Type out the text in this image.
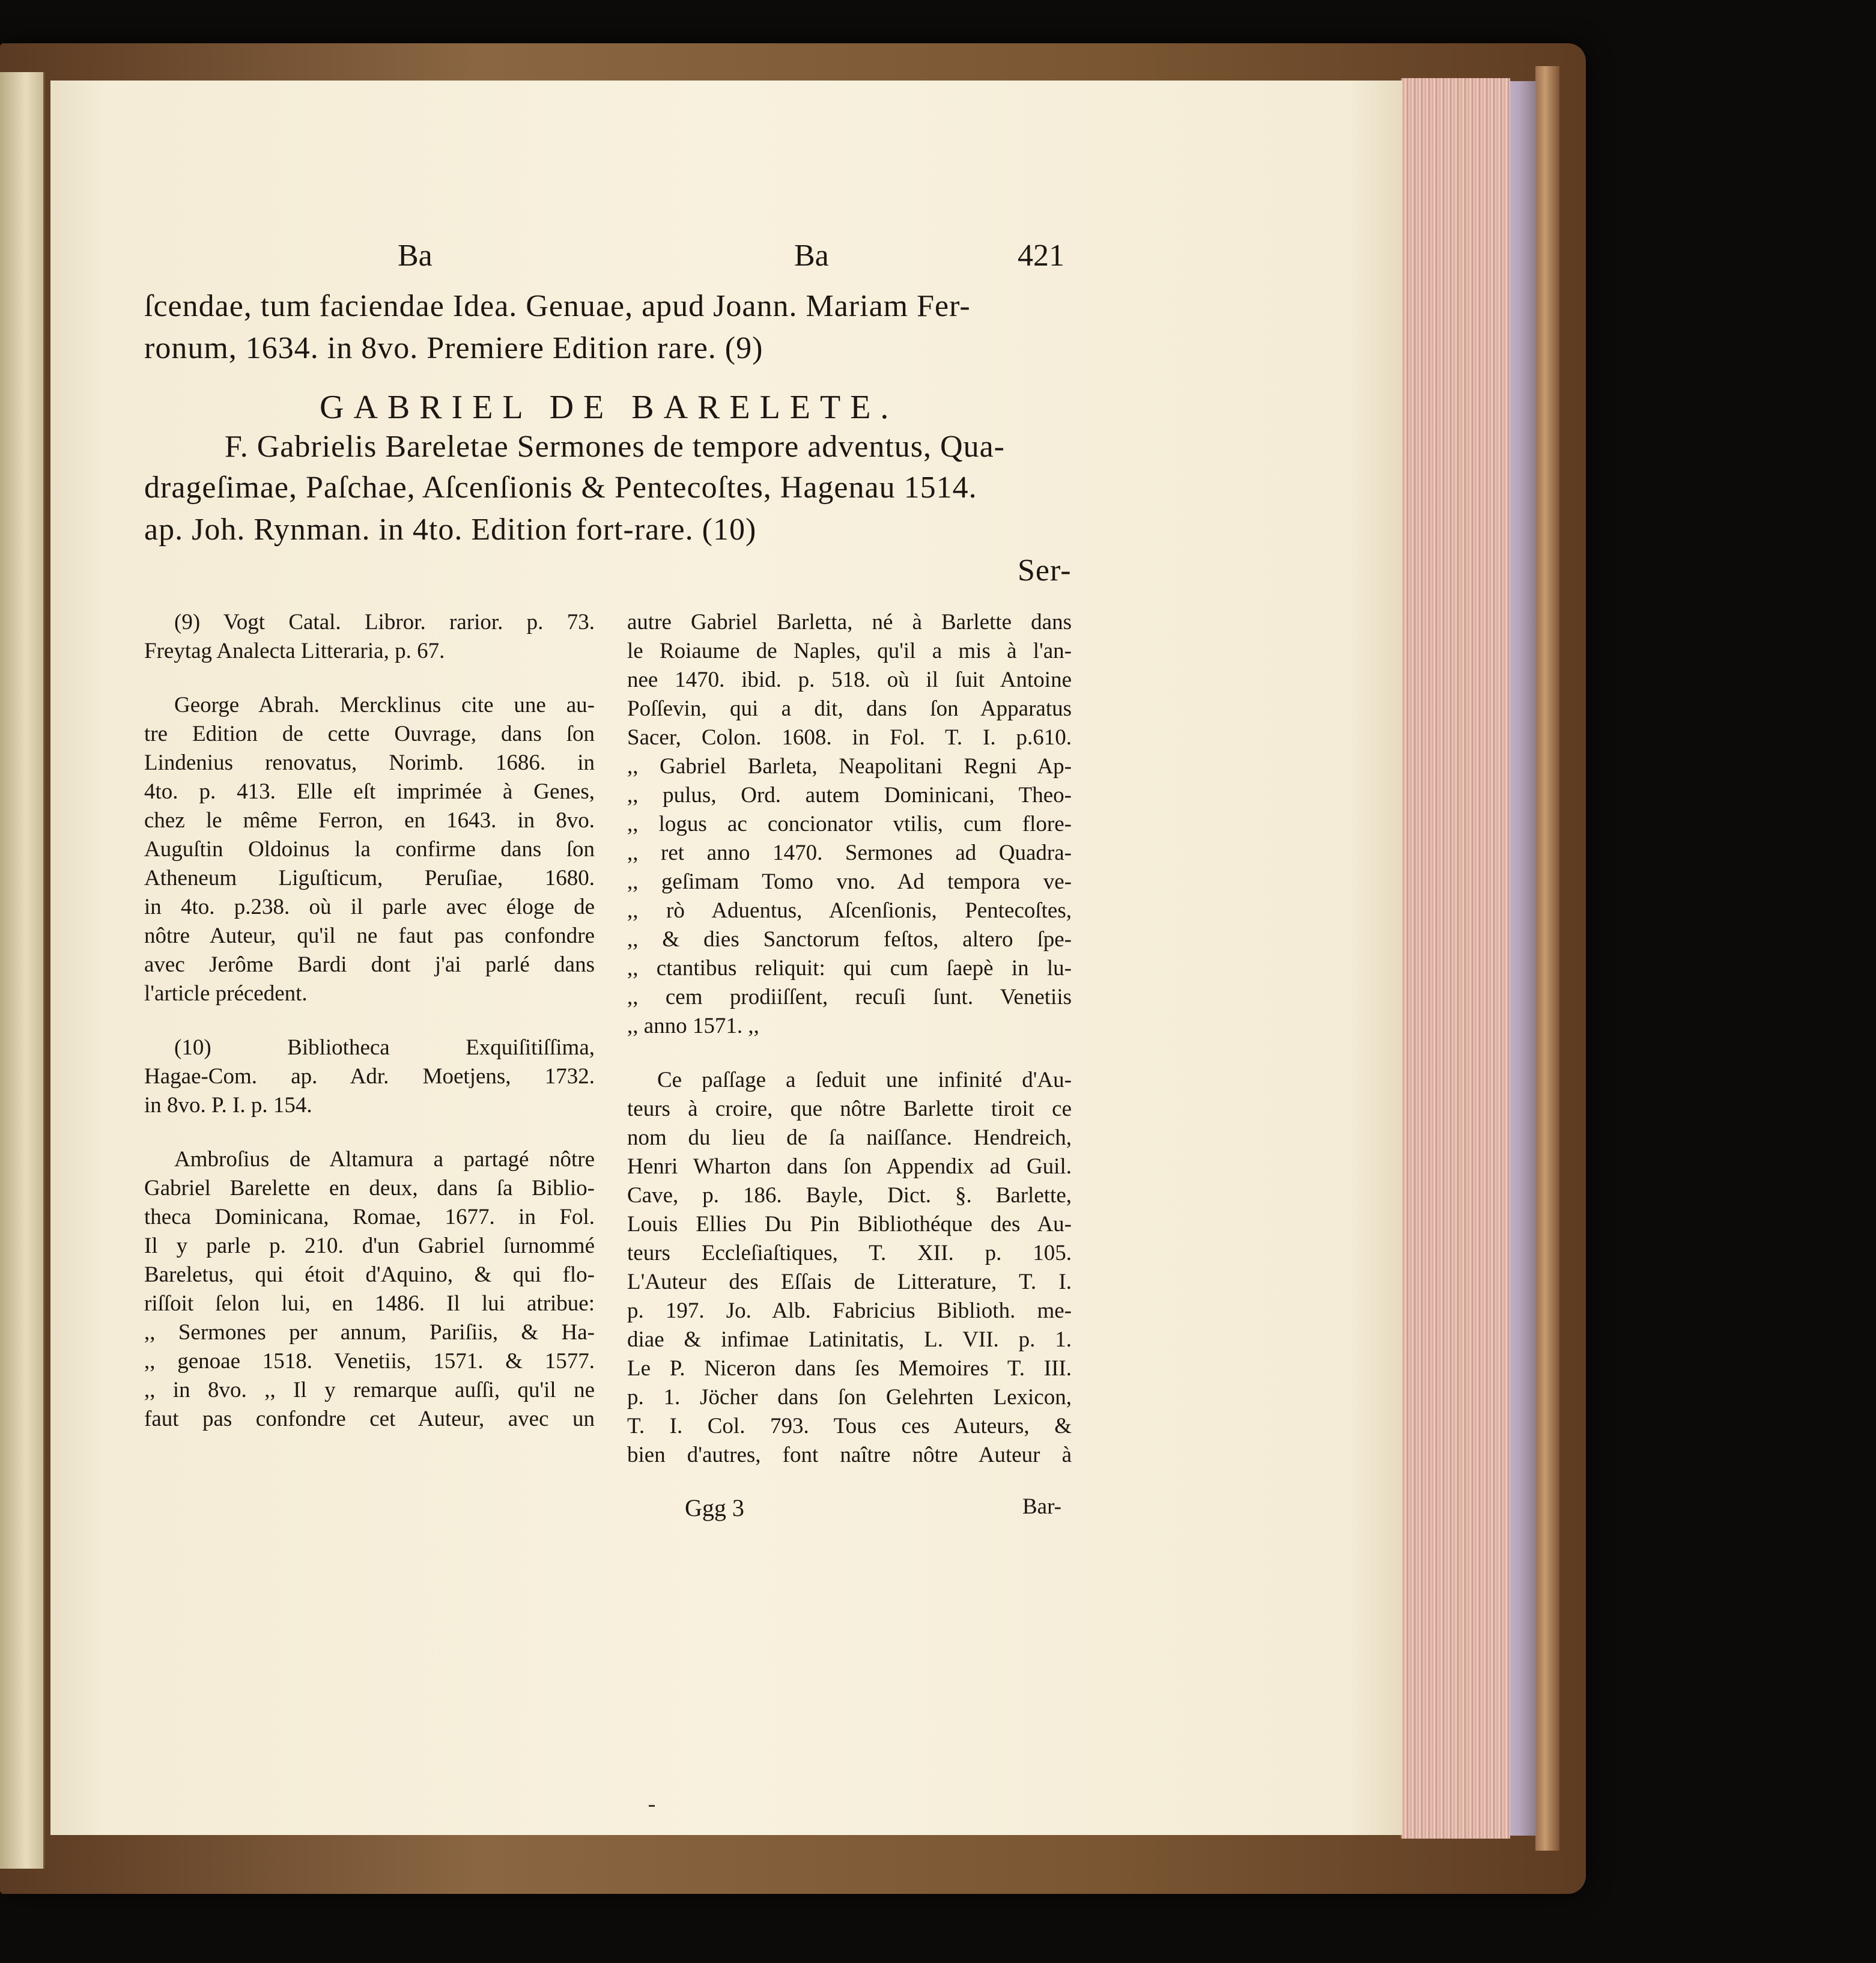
Ba	Ba	421
ſcendae, tum faciendae Idea. Genuae, apud Joann. Mariam Fer-
ronum, 1634. in 8vo. Premiere Edition rare. (9)
GABRIEL DE BARELETE.
F. Gabrielis Bareletae Sermones de tempore adventus, Qua-
drageſimae, Paſchae, Aſcenſionis & Pentecoſtes, Hagenau 1514.
ap. Joh. Rynman. in 4to. Edition fort-rare. (10)
Ser-

(9) Vogt Catal. Libror. rarior. p. 73.
Freytag Analecta Litteraria, p. 67.

George Abrah. Mercklinus cite une au-
tre Edition de cette Ouvrage, dans ſon
Lindenius renovatus, Norimb. 1686. in
4to. p. 413. Elle eſt imprimée à Genes,
chez le même Ferron, en 1643. in 8vo.
Auguſtin Oldoinus la confirme dans ſon
Atheneum Liguſticum, Peruſiae, 1680.
in 4to. p.238. où il parle avec éloge de
nôtre Auteur, qu'il ne faut pas confondre
avec Jerôme Bardi dont j'ai parlé dans
l'article précedent.

(10) Bibliotheca Exquiſitiſſima,
Hagae-Com. ap. Adr. Moetjens, 1732.
in 8vo. P. I. p. 154.

Ambroſius de Altamura a partagé nôtre
Gabriel Barelette en deux, dans ſa Biblio-
theca Dominicana, Romae, 1677. in Fol.
Il y parle p. 210. d'un Gabriel ſurnommé
Bareletus, qui étoit d'Aquino, & qui flo-
riſſoit ſelon lui, en 1486. Il lui atribue:
,, Sermones per annum, Pariſiis, & Ha-
,, genoae 1518. Venetiis, 1571. & 1577.
,, in 8vo. ,, Il y remarque auſſi, qu'il ne
faut pas confondre cet Auteur, avec un

autre Gabriel Barletta, né à Barlette dans
le Roiaume de Naples, qu'il a mis à l'an-
nee 1470. ibid. p. 518. où il ſuit Antoine
Poſſevin, qui a dit, dans ſon Apparatus
Sacer, Colon. 1608. in Fol. T. I. p.610.
,, Gabriel Barleta, Neapolitani Regni Ap-
,, pulus, Ord. autem Dominicani, Theo-
,, logus ac concionator vtilis, cum flore-
,, ret anno 1470. Sermones ad Quadra-
,, geſimam Tomo vno. Ad tempora ve-
,, rò Aduentus, Aſcenſionis, Pentecoſtes,
,, & dies Sanctorum feſtos, altero ſpe-
,, ctantibus reliquit: qui cum ſaepè in lu-
,, cem prodiiſſent, recuſi ſunt. Venetiis
,, anno 1571. ,,

Ce paſſage a ſeduit une infinité d'Au-
teurs à croire, que nôtre Barlette tiroit ce
nom du lieu de ſa naiſſance. Hendreich,
Henri Wharton dans ſon Appendix ad Guil.
Cave, p. 186. Bayle, Dict. §. Barlette,
Louis Ellies Du Pin Bibliothéque des Au-
teurs Eccleſiaſtiques, T. XII. p. 105.
L'Auteur des Eſſais de Litterature, T. I.
p. 197. Jo. Alb. Fabricius Biblioth. me-
diae & infimae Latinitatis, L. VII. p. 1.
Le P. Niceron dans ſes Memoires T. III.
p. 1. Jöcher dans ſon Gelehrten Lexicon,
T. I. Col. 793. Tous ces Auteurs, &
bien d'autres, font naître nôtre Auteur à

Ggg 3	Bar-
